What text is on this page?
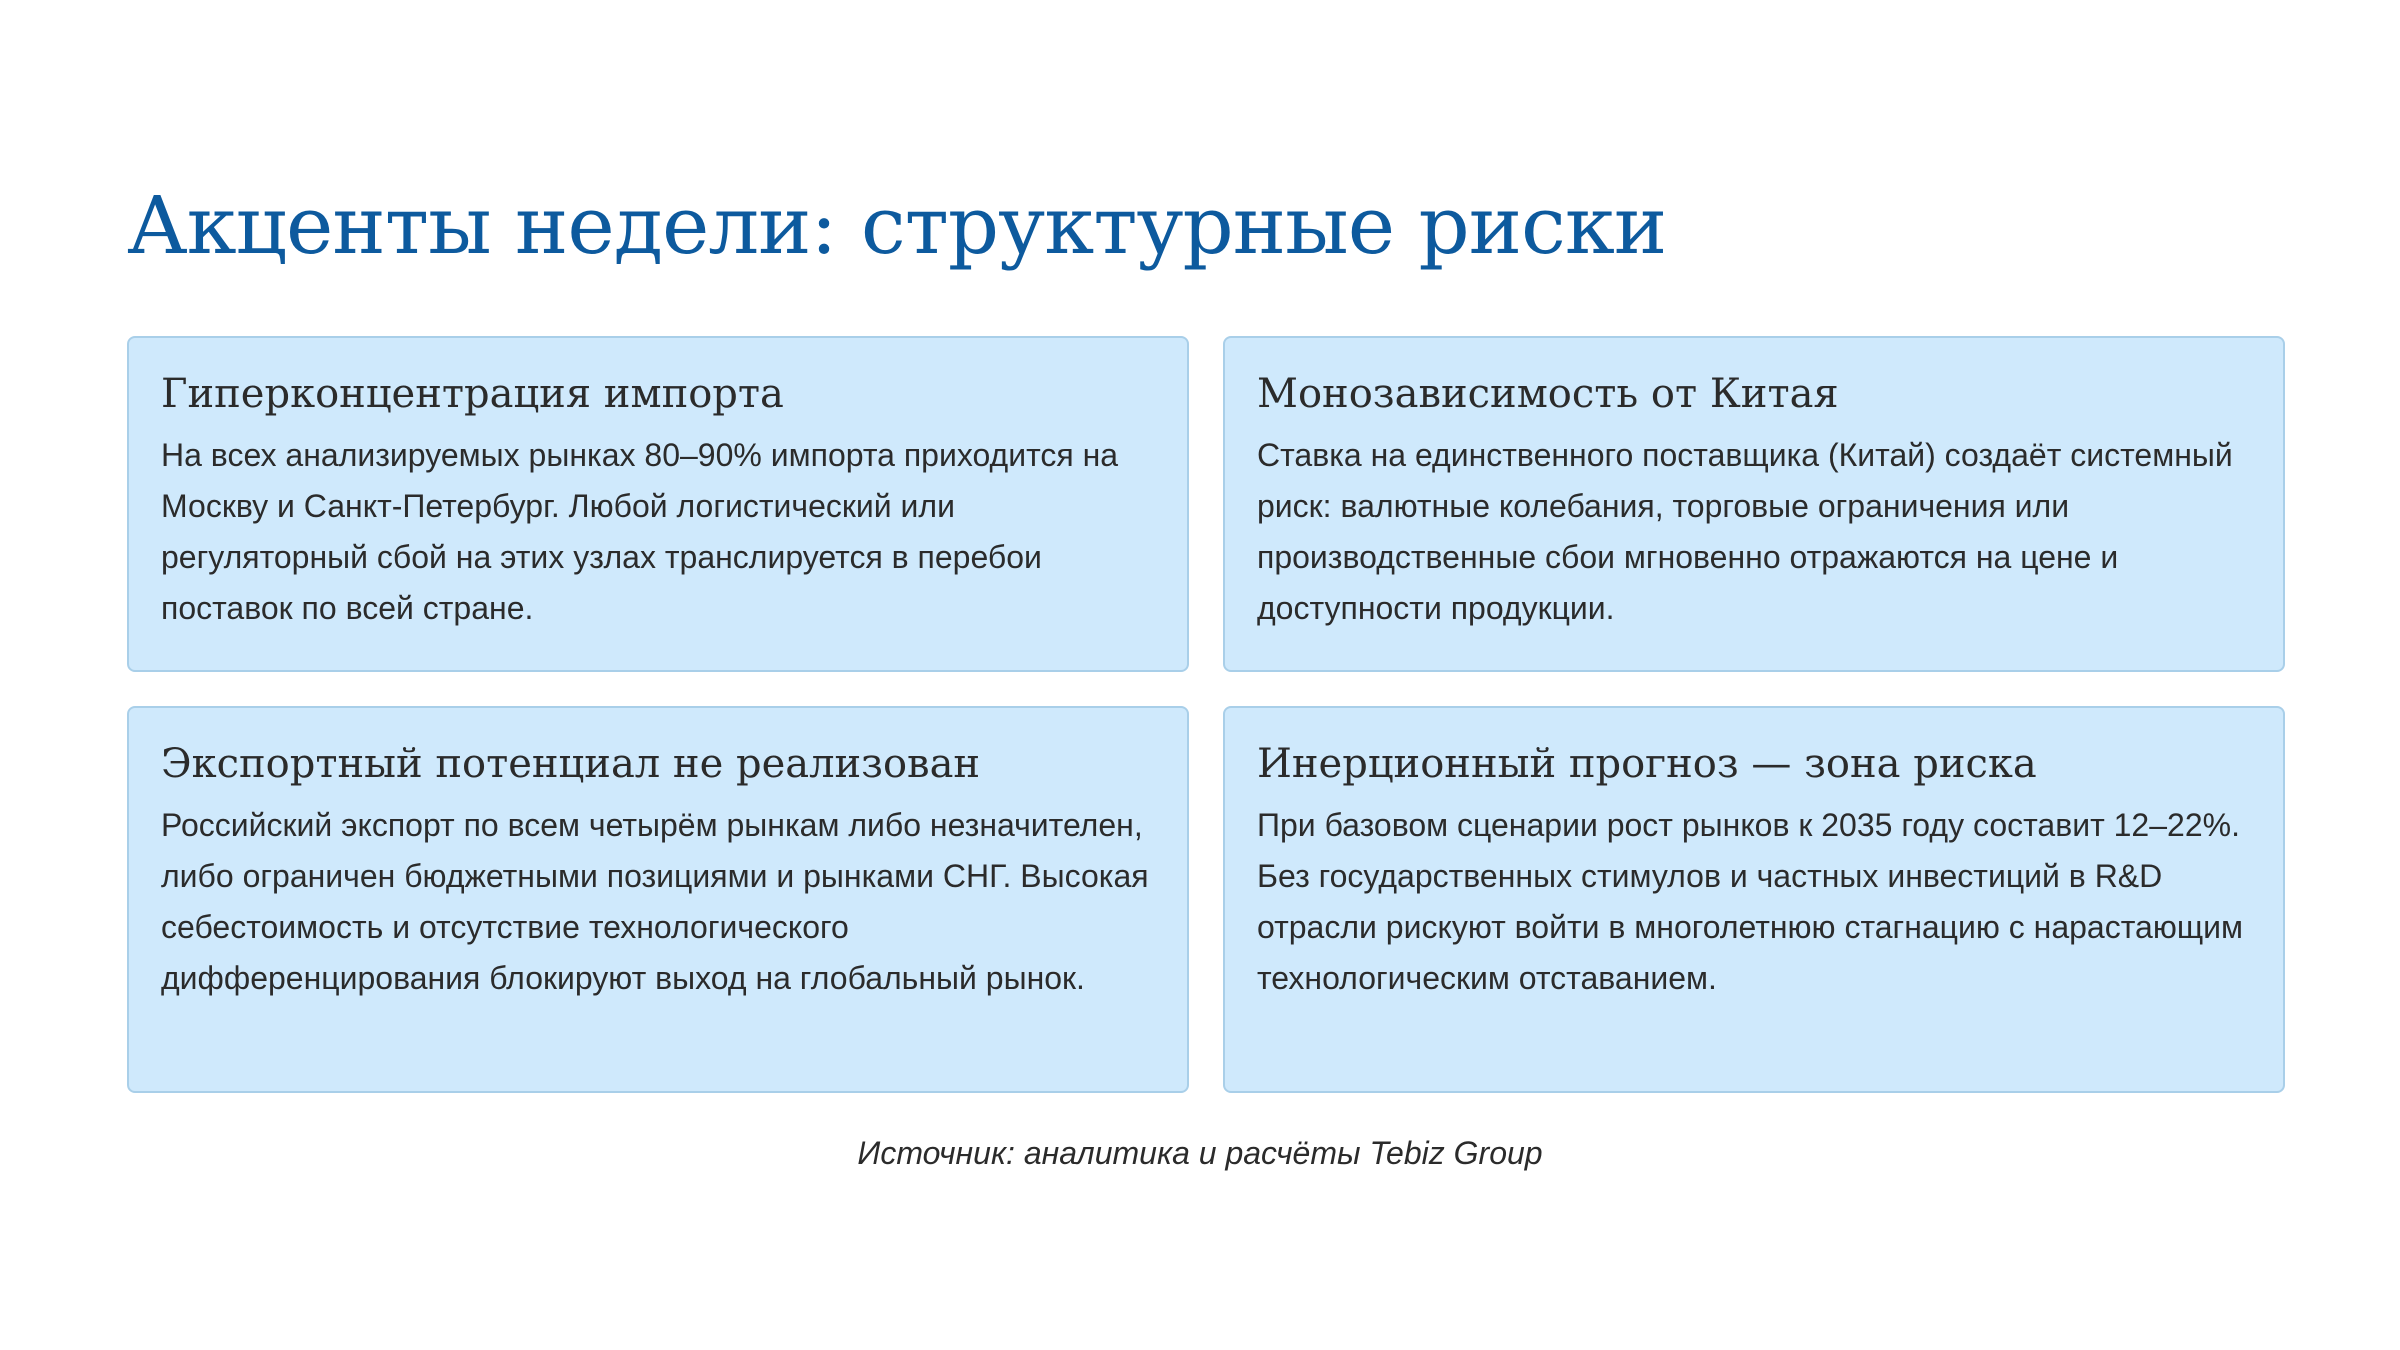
Акценты недели: структурные риски
Гиперконцентрация импорта

На всех анализируемых рынках 80–90% импорта приходится на Москву и Санкт-Петербург. Любой логистический или регуляторный сбой на этих узлах транслируется в перебои поставок по всей стране.

Монозависимость от Китая

Ставка на единственного поставщика (Китай) создаёт системный риск: валютные колебания, торговые ограничения или производственные сбои мгновенно отражаются на цене и доступности продукции.

Экспортный потенциал не реализован

Российский экспорт по всем четырём рынкам либо незначителен, либо ограничен бюджетными позициями и рынками СНГ. Высокая себестоимость и отсутствие технологического дифференцирования блокируют выход на глобальный рынок.

Инерционный прогноз — зона риска

При базовом сценарии рост рынков к 2035 году составит 12–22%. Без государственных стимулов и частных инвестиций в R&D отрасли рискуют войти в многолетнюю стагнацию с нарастающим технологическим отставанием.

Источник: аналитика и расчёты Tebiz Group
